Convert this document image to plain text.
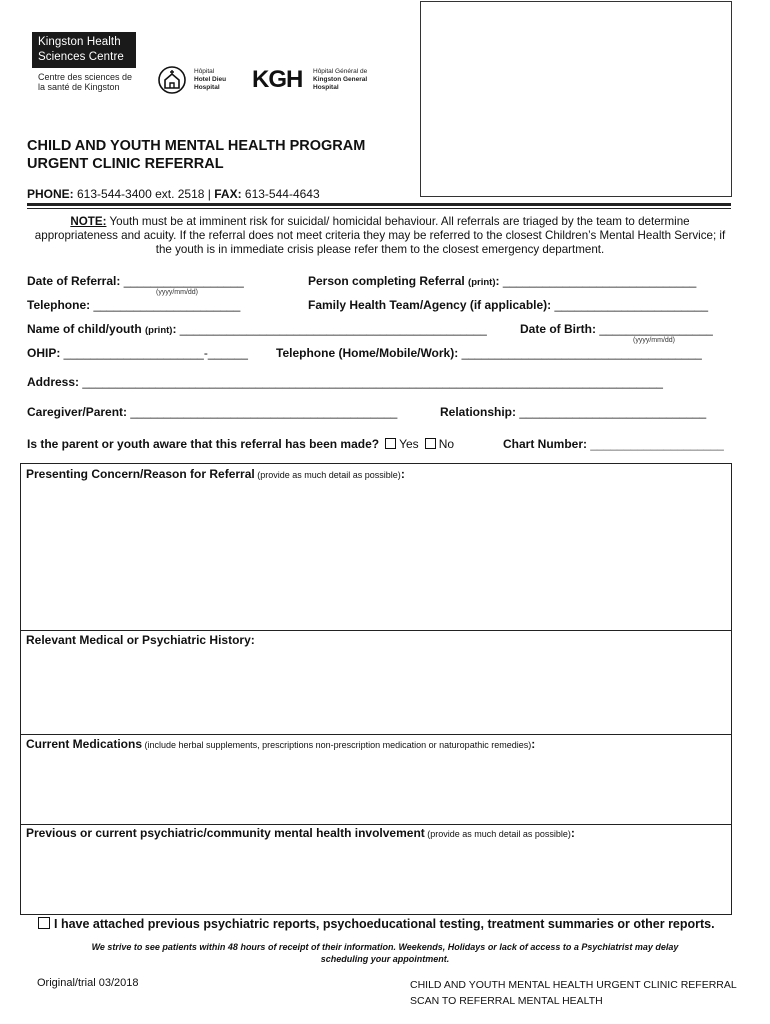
Kingston Health
Sciences Centre
Centre des sciences de
la santé de Kingston
Hôpital
Hotel Dieu
Hospital KGH Hôpital Général de
Kingston General
Hospital
CHILD AND YOUTH MENTAL HEALTH PROGRAM
URGENT CLINIC REFERRAL
PHONE: 613-544-3400 ext. 2518 | FAX: 613-544-4643
NOTE: Youth must be at imminent risk for suicidal/ homicidal behaviour. All referrals are triaged by the team to determine appropriateness and acuity. If the referral does not meet criteria they may be referred to the closest Children’s Mental Health Service; if the youth is in immediate crisis please refer them to the closest emergency department.
Date of Referral: __________________
(yyyy/mm/dd)
Person completing Referral (print): _____________________________
Telephone: ______________________	Family Health Team/Agency (if applicable): _______________________
Name of child/youth (print): ______________________________________________	Date of Birth: _________________
(yyyy/mm/dd)
OHIP: _____________________-______ Telephone (Home/Mobile/Work): ____________________________________
Address: _______________________________________________________________________________________
Caregiver/Parent: ________________________________________	Relationship: ____________________________
Is the parent or youth aware that this referral has been made? Yes No	Chart Number: ____________________
Presenting Concern/Reason for Referral (provide as much detail as possible):
Relevant Medical or Psychiatric History:
Current Medications (include herbal supplements, prescriptions non-prescription medication or naturopathic remedies):
Previous or current psychiatric/community mental health involvement (provide as much detail as possible):
I have attached previous psychiatric reports, psychoeducational testing, treatment summaries or other reports.
We strive to see patients within 48 hours of receipt of their information. Weekends, Holidays or lack of access to a Psychiatrist may delay
scheduling your appointment.
Original/trial 03/2018	CHILD AND YOUTH MENTAL HEALTH URGENT CLINIC REFERRAL
SCAN TO REFERRAL MENTAL HEALTH
